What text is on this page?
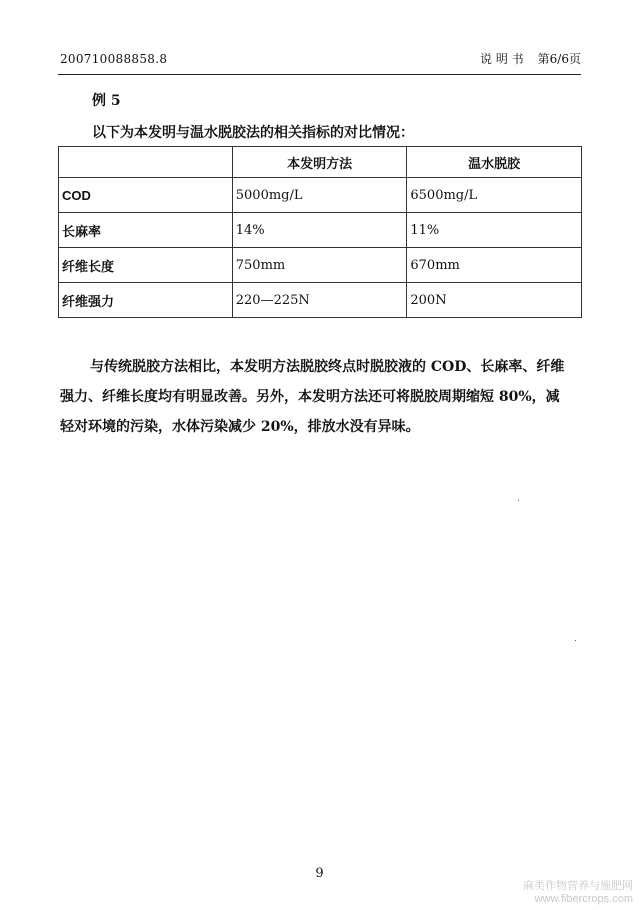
200710088858.8	说 明 书 第6/6页
例 5
以下为本发明与温水脱胶法的相关指标的对比情况：
	本发明方法	温水脱胶
COD	5000mg/L	6500mg/L
长麻率	14%	11%
纤维长度	750mm	670mm
纤维强力	220—225N	200N
与传统脱胶方法相比，本发明方法脱胶终点时脱胶液的 COD、长麻率、纤维
强力、纤维长度均有明显改善。另外，本发明方法还可将脱胶周期缩短 80%，减
轻对环境的污染，水体污染减少 20%，排放水没有异味。
9
麻类作物营养与施肥网
www.fibercrops.com
